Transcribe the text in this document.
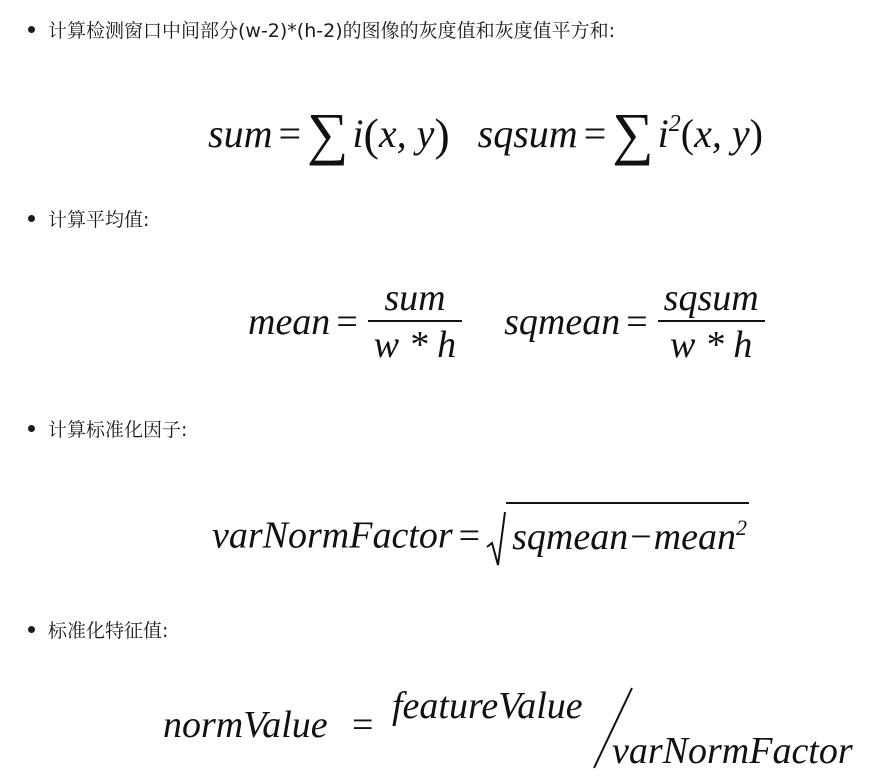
计算检测窗口中间部分(w-2)*(h-2)的图像的灰度值和灰度值平方和:
sum = ∑ i(x, y) sqsum = ∑ $i^2(x$, y)
计算平均值:
mean = $\frac{\text{sum}}{w * h}$ sqmean = $\frac{\text{sqsum}}{w * h}$
计算标准化因子:
varNormFactor = sqmean−mean$^2$
标准化特征值:
normValue = featureValue
varNormFactor
